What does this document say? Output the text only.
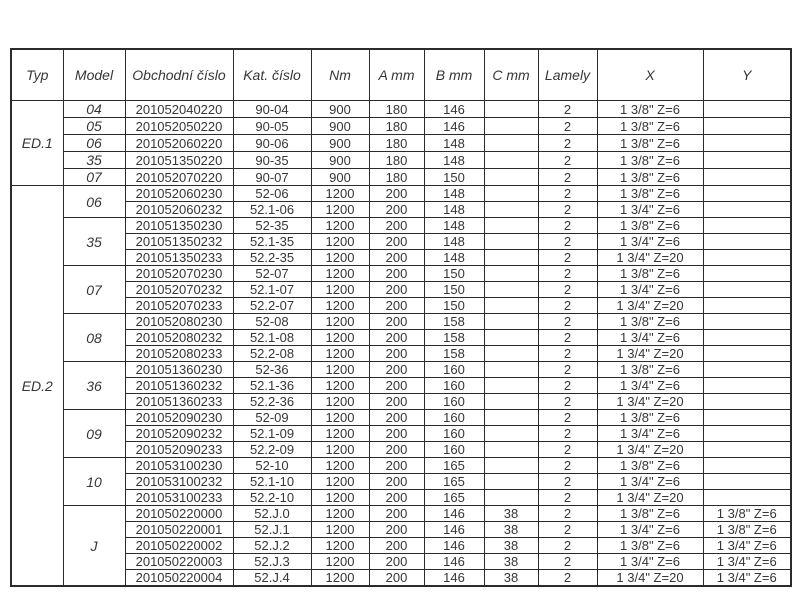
Typ	Model	Obchodní číslo	Kat. číslo	Nm	A mm	B mm	C mm	Lamely	X	Y
ED.1	04	201052040220	90-04	900	180	146		2	1 3/8" Z=6	
	05	201052050220	90-05	900	180	146		2	1 3/8" Z=6	
	06	201052060220	90-06	900	180	148		2	1 3/8" Z=6	
	35	201051350220	90-35	900	180	148		2	1 3/8" Z=6	
	07	201052070220	90-07	900	180	150		2	1 3/8" Z=6	
ED.2	06	201052060230	52-06	1200	200	148		2	1 3/8" Z=6	
		201052060232	52.1-06	1200	200	148		2	1 3/4" Z=6	
	35	201051350230	52-35	1200	200	148		2	1 3/8" Z=6	
		201051350232	52.1-35	1200	200	148		2	1 3/4" Z=6	
		201051350233	52.2-35	1200	200	148		2	1 3/4" Z=20	
	07	201052070230	52-07	1200	200	150		2	1 3/8" Z=6	
		201052070232	52.1-07	1200	200	150		2	1 3/4" Z=6	
		201052070233	52.2-07	1200	200	150		2	1 3/4" Z=20	
	08	201052080230	52-08	1200	200	158		2	1 3/8" Z=6	
		201052080232	52.1-08	1200	200	158		2	1 3/4" Z=6	
		201052080233	52.2-08	1200	200	158		2	1 3/4" Z=20	
	36	201051360230	52-36	1200	200	160		2	1 3/8" Z=6	
		201051360232	52.1-36	1200	200	160		2	1 3/4" Z=6	
		201051360233	52.2-36	1200	200	160		2	1 3/4" Z=20	
	09	201052090230	52-09	1200	200	160		2	1 3/8" Z=6	
		201052090232	52.1-09	1200	200	160		2	1 3/4" Z=6	
		201052090233	52.2-09	1200	200	160		2	1 3/4" Z=20	
	10	201053100230	52-10	1200	200	165		2	1 3/8" Z=6	
		201053100232	52.1-10	1200	200	165		2	1 3/4" Z=6	
		201053100233	52.2-10	1200	200	165		2	1 3/4" Z=20	
	J	201050220000	52.J.0	1200	200	146	38	2	1 3/8" Z=6	1 3/8" Z=6
		201050220001	52.J.1	1200	200	146	38	2	1 3/4" Z=6	1 3/8" Z=6
		201050220002	52.J.2	1200	200	146	38	2	1 3/8" Z=6	1 3/4" Z=6
		201050220003	52.J.3	1200	200	146	38	2	1 3/4" Z=6	1 3/4" Z=6
		201050220004	52.J.4	1200	200	146	38	2	1 3/4" Z=20	1 3/4" Z=6
